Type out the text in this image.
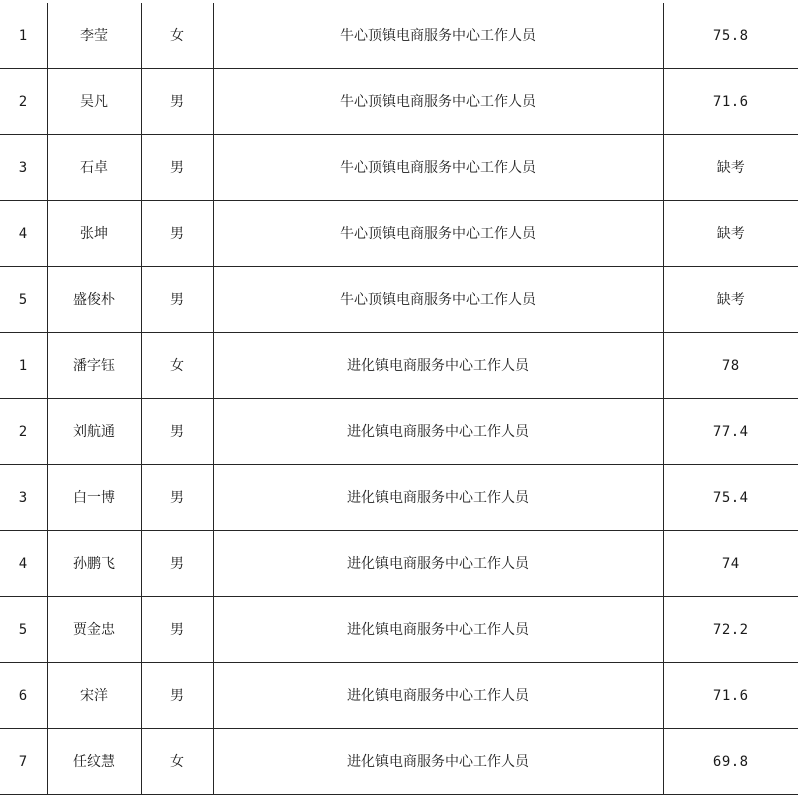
1	李莹	女	牛心顶镇电商服务中心工作人员	75.8
2	吴凡	男	牛心顶镇电商服务中心工作人员	71.6
3	石卓	男	牛心顶镇电商服务中心工作人员	缺考
4	张坤	男	牛心顶镇电商服务中心工作人员	缺考
5	盛俊朴	男	牛心顶镇电商服务中心工作人员	缺考
1	潘字钰	女	进化镇电商服务中心工作人员	78
2	刘航通	男	进化镇电商服务中心工作人员	77.4
3	白一博	男	进化镇电商服务中心工作人员	75.4
4	孙鹏飞	男	进化镇电商服务中心工作人员	74
5	贾金忠	男	进化镇电商服务中心工作人员	72.2
6	宋洋	男	进化镇电商服务中心工作人员	71.6
7	任纹慧	女	进化镇电商服务中心工作人员	69.8
